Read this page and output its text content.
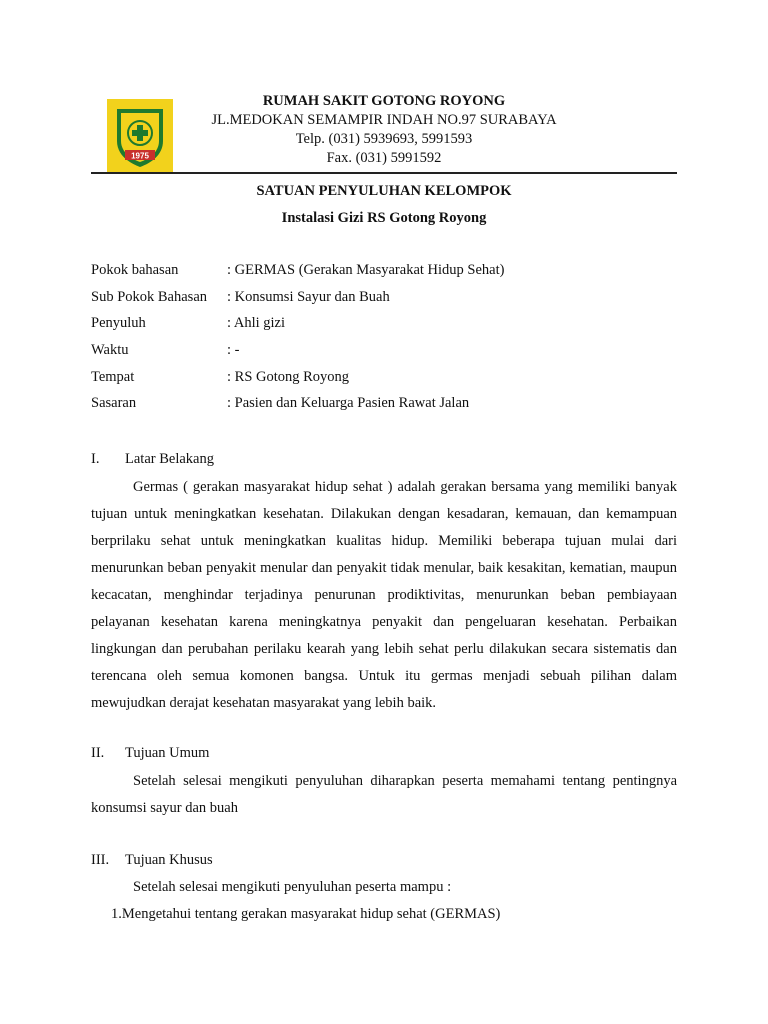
1975
RUMAH SAKIT GOTONG ROYONG
JL.MEDOKAN SEMAMPIR INDAH NO.97 SURABAYA
Telp. (031) 5939693, 5991593
Fax. (031) 5991592
SATUAN PENYULUHAN KELOMPOK
Instalasi Gizi RS Gotong Royong
Pokok bahasan	: GERMAS (Gerakan Masyarakat Hidup Sehat)
Sub Pokok Bahasan	: Konsumsi Sayur dan Buah
Penyuluh	: Ahli gizi
Waktu	: -
Tempat	: RS Gotong Royong
Sasaran	: Pasien dan Keluarga Pasien Rawat Jalan
I.	Latar Belakang
Germas ( gerakan masyarakat hidup sehat ) adalah gerakan bersama yang memiliki banyak tujuan untuk meningkatkan kesehatan. Dilakukan dengan kesadaran, kemauan, dan kemampuan berprilaku sehat untuk meningkatkan kualitas hidup. Memiliki beberapa tujuan mulai dari menurunkan beban penyakit menular dan penyakit tidak menular, baik kesakitan, kematian, maupun kecacatan, menghindar terjadinya penurunan prodiktivitas, menurunkan beban pembiayaan pelayanan kesehatan karena meningkatnya penyakit dan pengeluaran kesehatan. Perbaikan lingkungan dan perubahan perilaku kearah yang lebih sehat perlu dilakukan secara sistematis dan terencana oleh semua komonen bangsa. Untuk itu germas menjadi sebuah pilihan dalam mewujudkan derajat kesehatan masyarakat yang lebih baik.
II.	Tujuan Umum
Setelah selesai mengikuti penyuluhan diharapkan peserta memahami tentang pentingnya konsumsi sayur dan buah
III.	Tujuan Khusus
Setelah selesai mengikuti penyuluhan peserta mampu :
1.Mengetahui tentang gerakan masyarakat hidup sehat (GERMAS)
